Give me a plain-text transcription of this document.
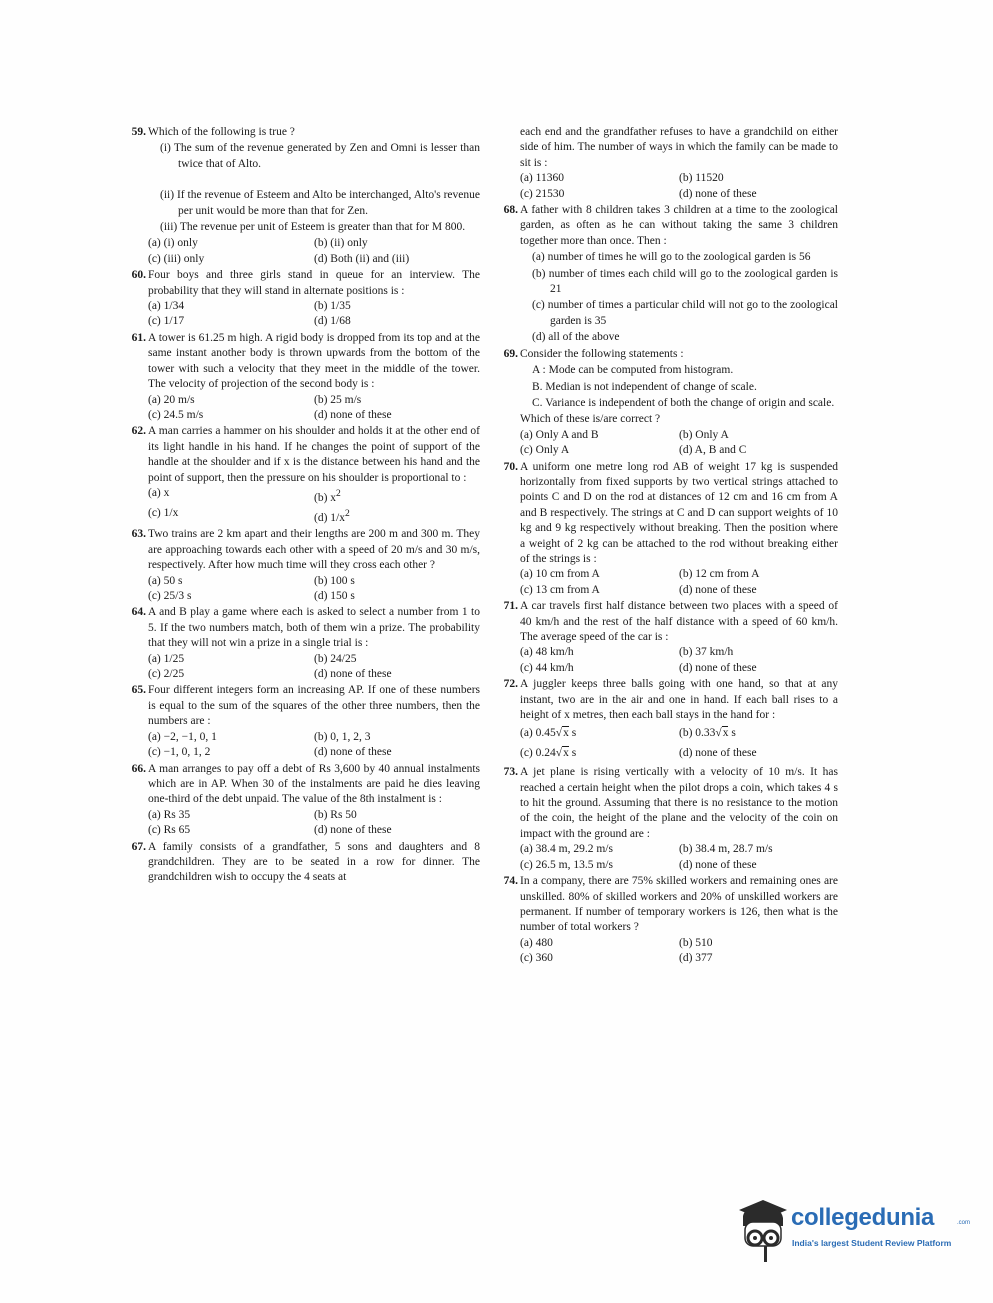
59. Which of the following is true ?
(i) The sum of the revenue generated by Zen and Omni is lesser than twice that of Alto.
(ii) If the revenue of Esteem and Alto be interchanged, Alto's revenue per unit would be more than that for Zen.
(iii) The revenue per unit of Esteem is greater than that for M 800.
(a) (i) only	(b) (ii) only
(c) (iii) only	(d) Both (ii) and (iii)
60. Four boys and three girls stand in queue for an interview. The probability that they will stand in alternate positions is :
(a) 1/34	(b) 1/35
(c) 1/17	(d) 1/68
61. A tower is 61.25 m high. A rigid body is dropped from its top and at the same instant another body is thrown upwards from the bottom of the tower with such a velocity that they meet in the middle of the tower. The velocity of projection of the second body is :
(a) 20 m/s	(b) 25 m/s
(c) 24.5 m/s	(d) none of these
62. A man carries a hammer on his shoulder and holds it at the other end of its light handle in his hand. If he changes the point of support of the handle at the shoulder and if x is the distance between his hand and the point of support, then the pressure on his shoulder is proportional to :
(a) x	(b) $x^2$
(c) 1/x	(d) $1/x^2$
63. Two trains are 2 km apart and their lengths are 200 m and 300 m. They are approaching towards each other with a speed of 20 m/s and 30 m/s, respectively. After how much time will they cross each other ?
(a) 50 s	(b) 100 s
(c) 25/3 s	(d) 150 s
64. A and B play a game where each is asked to select a number from 1 to 5. If the two numbers match, both of them win a prize. The probability that they will not win a prize in a single trial is :
(a) 1/25	(b) 24/25
(c) 2/25	(d) none of these
65. Four different integers form an increasing AP. If one of these numbers is equal to the sum of the squares of the other three numbers, then the numbers are :
(a) −2, −1, 0, 1	(b) 0, 1, 2, 3
(c) −1, 0, 1, 2	(d) none of these
66. A man arranges to pay off a debt of Rs 3,600 by 40 annual instalments which are in AP. When 30 of the instalments are paid he dies leaving one-third of the debt unpaid. The value of the 8th instalment is :
(a) Rs 35	(b) Rs 50
(c) Rs 65	(d) none of these
67. A family consists of a grandfather, 5 sons and daughters and 8 grandchildren. They are to be seated in a row for dinner. The grandchildren wish to occupy the 4 seats at
each end and the grandfather refuses to have a grandchild on either side of him. The number of ways in which the family can be made to sit is :
(a) 11360	(b) 11520
(c) 21530	(d) none of these
68. A father with 8 children takes 3 children at a time to the zoological garden, as often as he can without taking the same 3 children together more than once. Then :
(a) number of times he will go to the zoological garden is 56
(b) number of times each child will go to the zoological garden is 21
(c) number of times a particular child will not go to the zoological garden is 35
(d) all of the above
69. Consider the following statements :
A : Mode can be computed from histogram.
B. Median is not independent of change of scale.
C. Variance is independent of both the change of origin and scale.
Which of these is/are correct ?
(a) Only A and B	(b) Only A
(c) Only A	(d) A, B and C
70. A uniform one metre long rod AB of weight 17 kg is suspended horizontally from fixed supports by two vertical strings attached to points C and D on the rod at distances of 12 cm and 16 cm from A and B respectively. The strings at C and D can support weights of 10 kg and 9 kg respectively without breaking. Then the position where a weight of 2 kg can be attached to the rod without breaking either of the strings is :
(a) 10 cm from A	(b) 12 cm from A
(c) 13 cm from A	(d) none of these
71. A car travels first half distance between two places with a speed of 40 km/h and the rest of the half distance with a speed of 60 km/h. The average speed of the car is :
(a) 48 km/h	(b) 37 km/h
(c) 44 km/h	(d) none of these
72. A juggler keeps three balls going with one hand, so that at any instant, two are in the air and one in hand. If each ball rises to a height of x metres, then each ball stays in the hand for :
(a) 0.45√x s	(b) 0.33√x s
(c) 0.24√x s	(d) none of these
73. A jet plane is rising vertically with a velocity of 10 m/s. It has reached a certain height when the pilot drops a coin, which takes 4 s to hit the ground. Assuming that there is no resistance to the motion of the coin, the height of the plane and the velocity of the coin on impact with the ground are :
(a) 38.4 m, 29.2 m/s	(b) 38.4 m, 28.7 m/s
(c) 26.5 m, 13.5 m/s	(d) none of these
74. In a company, there are 75% skilled workers and remaining ones are unskilled. 80% of skilled workers and 20% of unskilled workers are permanent. If number of temporary workers is 126, then what is the number of total workers ?
(a) 480	(b) 510
(c) 360	(d) 377
collegedunia	.com
India's largest Student Review Platform
